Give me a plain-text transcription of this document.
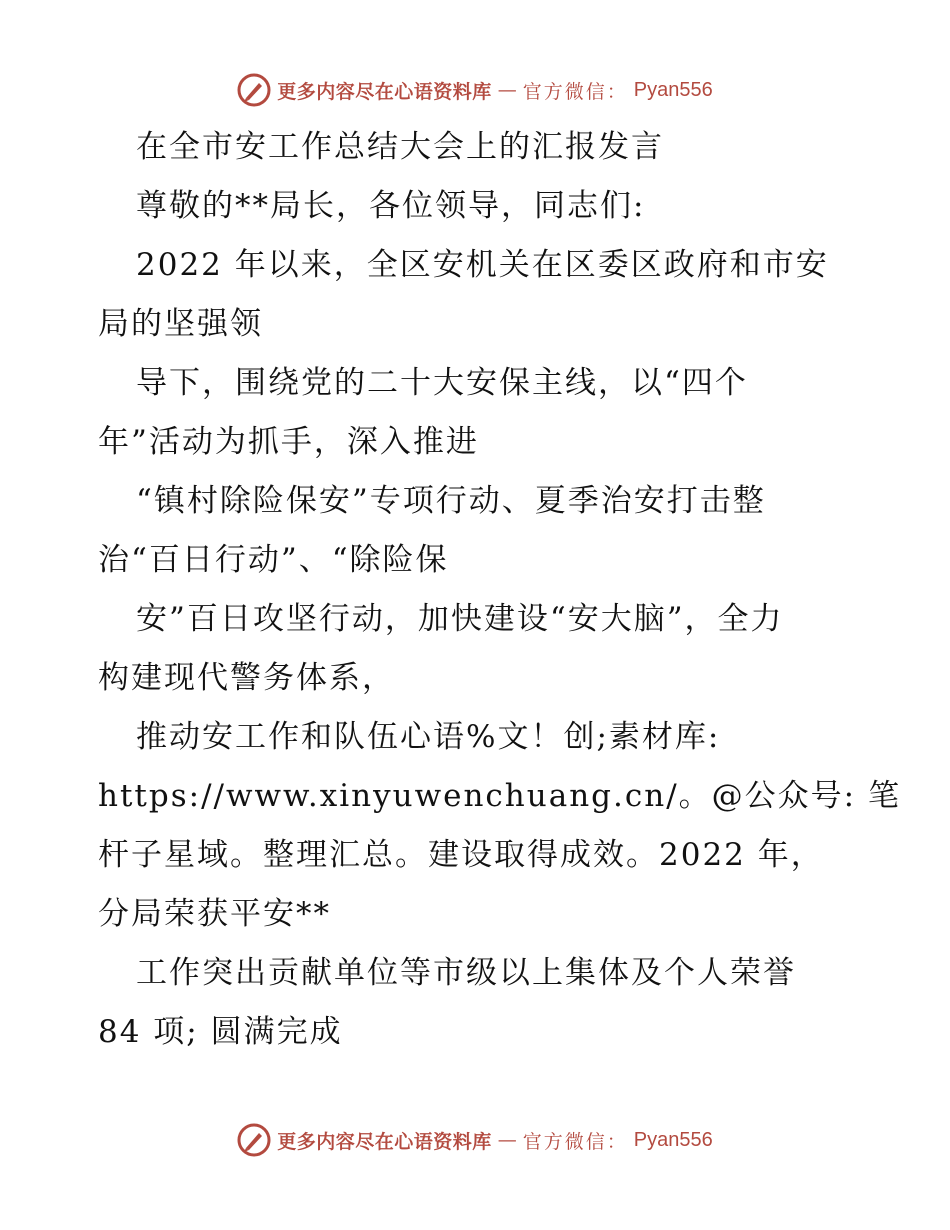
更多内容尽在心语资料库 — 官方微信： Pyan556
在全市安工作总结大会上的汇报发言
尊敬的**局长，各位领导，同志们:
2022 年以来，全区安机关在区委区政府和市安
局的坚强领
导下，围绕党的二十大安保主线，以“四个
年”活动为抓手，深入推进
“镇村除险保安”专项行动、夏季治安打击整
治“百日行动”、“除险保
安”百日攻坚行动，加快建设“安大脑”，全力
构建现代警务体系，
推动安工作和队伍心语%文！创;素材库:
https://www.xinyuwenchuang.cn/。@公众号: 笔
杆子星域。整理汇总。建设取得成效。2022 年，
分局荣获平安**
工作突出贡献单位等市级以上集体及个人荣誉
84 项; 圆满完成
更多内容尽在心语资料库 — 官方微信： Pyan556
